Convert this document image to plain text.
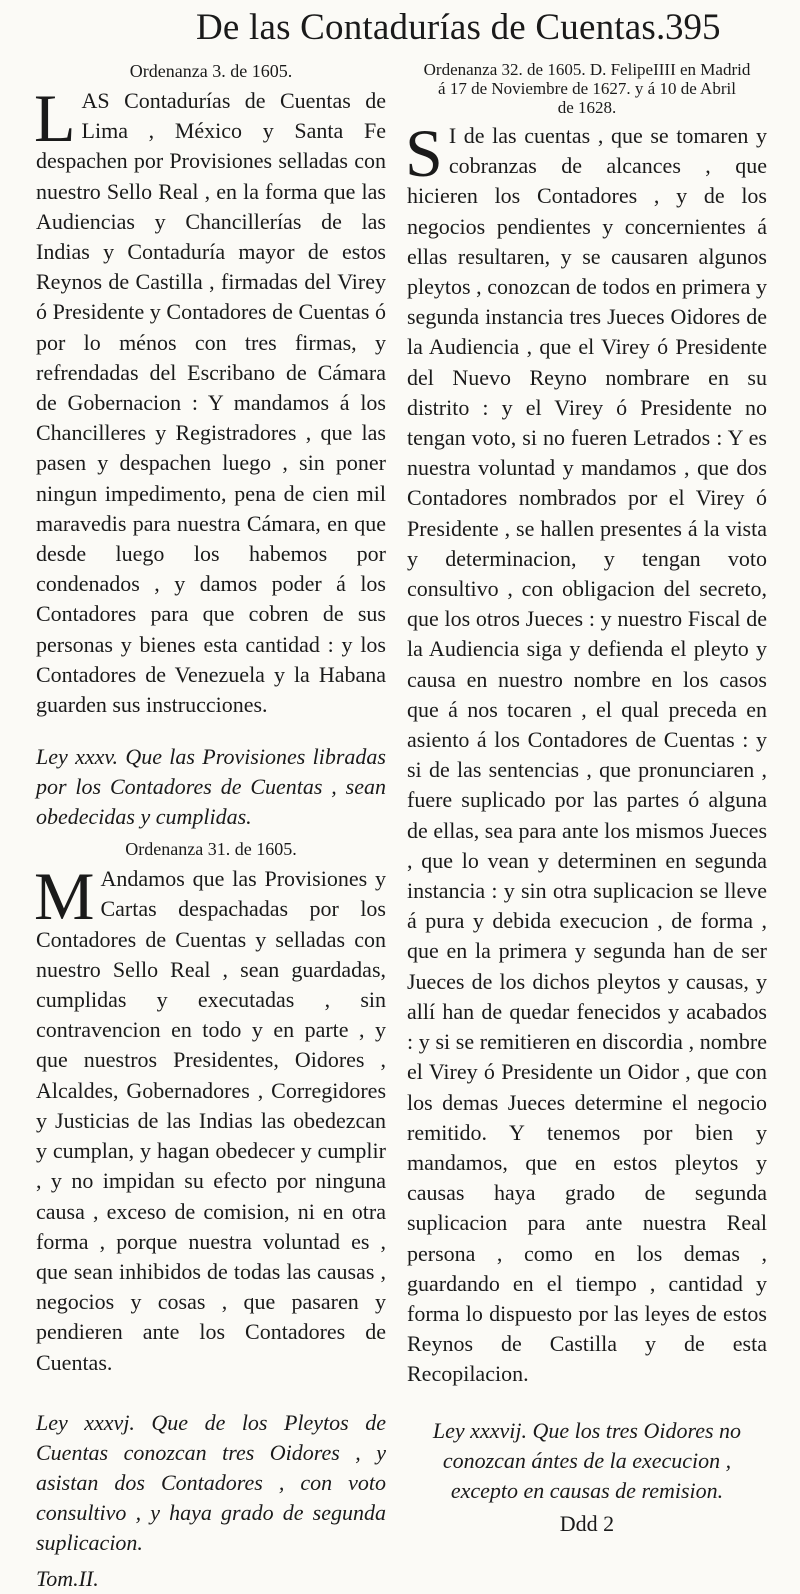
De las Contadurías de Cuentas. 395
Ordenanza 3. de 1605.

LAS Contadurías de Cuentas de Lima , México y Santa Fe despachen por Provisiones selladas con nuestro Sello Real , en la forma que las Audiencias y Chancillerías de las Indias y Contaduría mayor de estos Reynos de Castilla , firmadas del Virey ó Presidente y Contadores de Cuentas ó por lo ménos con tres firmas, y refrendadas del Escribano de Cámara de Gobernacion : Y mandamos á los Chancilleres y Registradores , que las pasen y despachen luego , sin poner ningun impedimento, pena de cien mil maravedis para nuestra Cámara, en que desde luego los habemos por condenados , y damos poder á los Contadores para que cobren de sus personas y bienes esta cantidad : y los Contadores de Venezuela y la Habana guarden sus instrucciones.

Ley xxxv. Que las Provisiones libradas por los Contadores de Cuentas , sean obedecidas y cumplidas.
Ordenanza 31. de 1605.

M Andamos que las Provisiones y Cartas despachadas por los Contadores de Cuentas y selladas con nuestro Sello Real , sean guardadas, cumplidas y executadas , sin contravencion en todo y en parte , y que nuestros Presidentes, Oidores , Alcaldes, Gobernadores , Corregidores y Justicias de las Indias las obedezcan y cumplan, y hagan obedecer y cumplir , y no impidan su efecto por ninguna causa , exceso de comision, ni en otra forma , porque nuestra voluntad es , que sean inhibidos de todas las causas , negocios y cosas , que pasaren y pendieren ante los Contadores de Cuentas.

Ley xxxvj. Que de los Pleytos de Cuentas conozcan tres Oidores , y asistan dos Contadores , con voto consultivo , y haya grado de segunda suplicacion.
Tom.II.
Ordenanza 32. de 1605. D. FelipeIIII en Madrid
á 17 de Noviembre de 1627. y á 10 de Abril
de 1628.

S I de las cuentas , que se tomaren y cobranzas de alcances , que hicieren los Contadores , y de los negocios pendientes y concernientes á ellas resultaren, y se causaren algunos pleytos , conozcan de todos en primera y segunda instancia tres Jueces Oidores de la Audiencia , que el Virey ó Presidente del Nuevo Reyno nombrare en su distrito : y el Virey ó Presidente no tengan voto, si no fueren Letrados : Y es nuestra voluntad y mandamos , que dos Contadores nombrados por el Virey ó Presidente , se hallen presentes á la vista y determinacion, y tengan voto consultivo , con obligacion del secreto, que los otros Jueces : y nuestro Fiscal de la Audiencia siga y defienda el pleyto y causa en nuestro nombre en los casos que á nos tocaren , el qual preceda en asiento á los Contadores de Cuentas : y si de las sentencias , que pronunciaren , fuere suplicado por las partes ó alguna de ellas, sea para ante los mismos Jueces , que lo vean y determinen en segunda instancia : y sin otra suplicacion se lleve á pura y debida execucion , de forma , que en la primera y segunda han de ser Jueces de los dichos pleytos y causas, y allí han de quedar fenecidos y acabados : y si se remitieren en discordia , nombre el Virey ó Presidente un Oidor , que con los demas Jueces determine el negocio remitido. Y tenemos por bien y mandamos, que en estos pleytos y causas haya grado de segunda suplicacion para ante nuestra Real persona , como en los demas , guardando en el tiempo , cantidad y forma lo dispuesto por las leyes de estos Reynos de Castilla y de esta Recopilacion.

Ley xxxvij. Que los tres Oidores no conozcan ántes de la execucion , excepto en causas de remision.
Ddd 2
